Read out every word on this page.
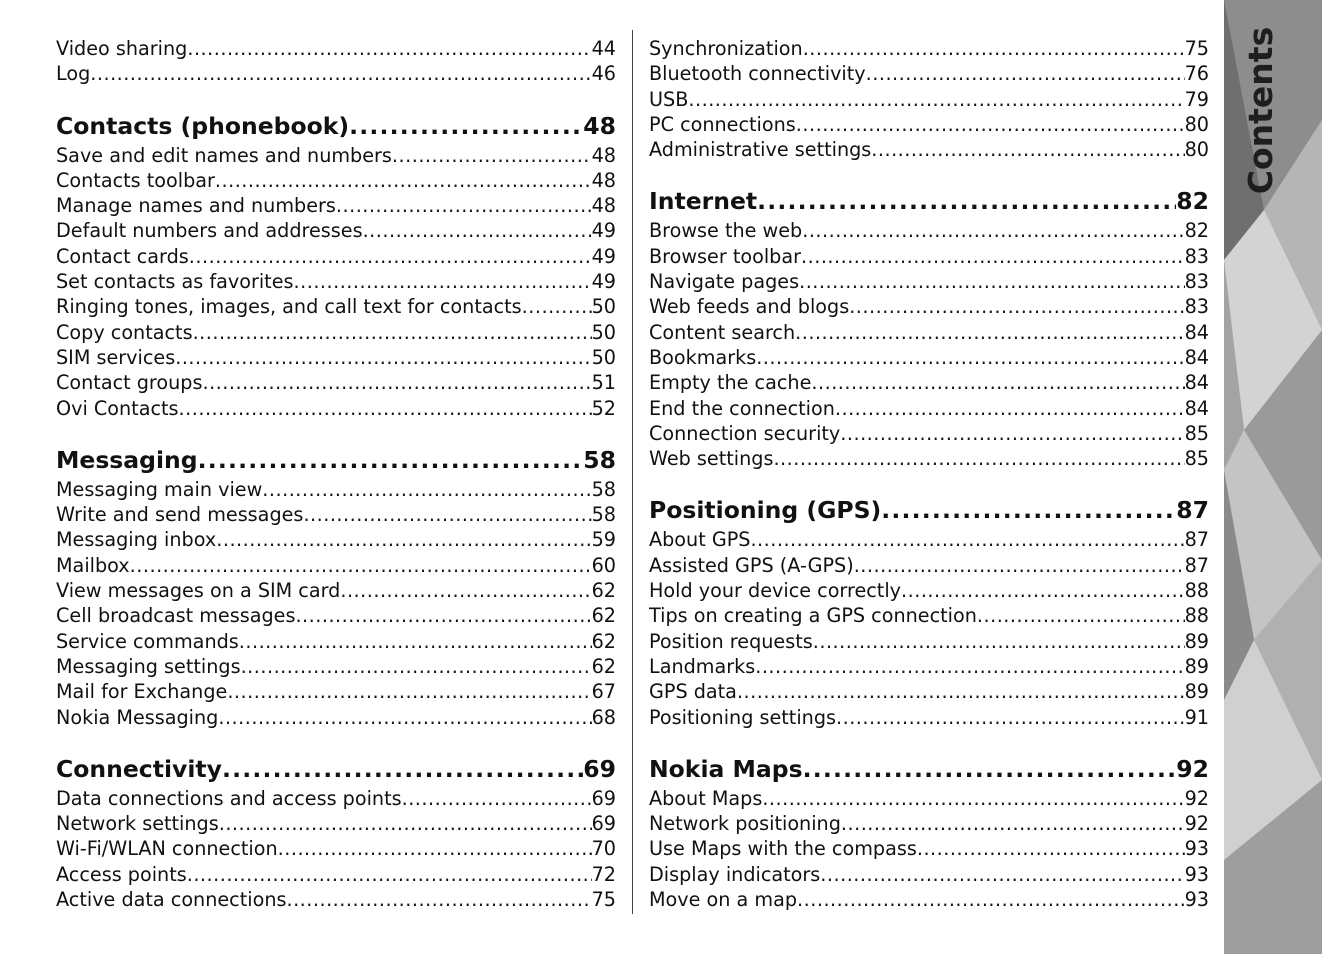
Video sharing .....	44
Log .....	46
Contacts (phonebook) .....	48
Save and edit names and numbers .....	48
Contacts toolbar .....	48
Manage names and numbers .....	48
Default numbers and addresses .....	49
Contact cards .....	49
Set contacts as favorites .....	49
Ringing tones, images, and call text for contacts .....	50
Copy contacts .....	50
SIM services .....	50
Contact groups .....	51
Ovi Contacts .....	52
Messaging .....	58
Messaging main view .....	58
Write and send messages .....	58
Messaging inbox .....	59
Mailbox .....	60
View messages on a SIM card .....	62
Cell broadcast messages .....	62
Service commands .....	62
Messaging settings .....	62
Mail for Exchange .....	67
Nokia Messaging .....	68
Connectivity .....	69
Data connections and access points .....	69
Network settings .....	69
Wi-Fi/WLAN connection .....	70
Access points .....	72
Active data connections .....	75
Synchronization .....	75
Bluetooth connectivity .....	76
USB .....	79
PC connections .....	80
Administrative settings .....	80
Internet .....	82
Browse the web .....	82
Browser toolbar .....	83
Navigate pages .....	83
Web feeds and blogs .....	83
Content search .....	84
Bookmarks .....	84
Empty the cache .....	84
End the connection .....	84
Connection security .....	85
Web settings .....	85
Positioning (GPS) .....	87
About GPS .....	87
Assisted GPS (A-GPS) .....	87
Hold your device correctly .....	88
Tips on creating a GPS connection .....	88
Position requests .....	89
Landmarks .....	89
GPS data .....	89
Positioning settings .....	91
Nokia Maps .....	92
About Maps .....	92
Network positioning .....	92
Use Maps with the compass .....	93
Display indicators .....	93
Move on a map .....	93
Contents
